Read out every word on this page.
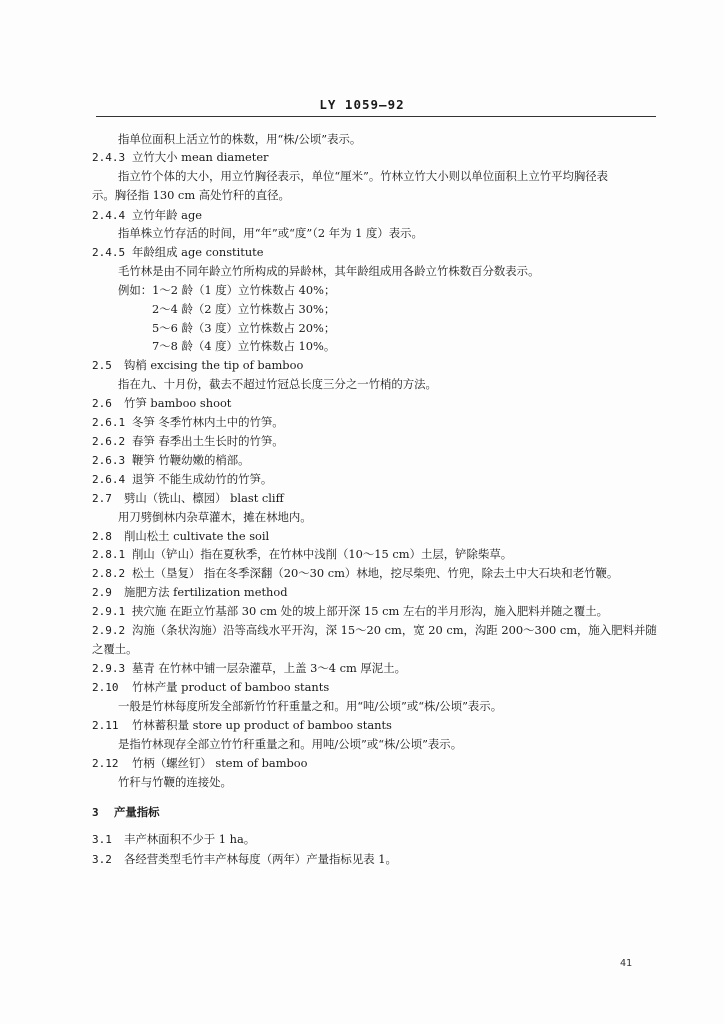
LY 1059—92
指单位面积上活立竹的株数，用“株/公顷”表示。
2.4.3 立竹大小 mean diameter
指立竹个体的大小，用立竹胸径表示，单位“厘米”。竹林立竹大小则以单位面积上立竹平均胸径表
示。胸径指 130 cm 高处竹秆的直径。
2.4.4 立竹年龄 age
指单株立竹存活的时间，用“年”或“度”（2 年为 1 度）表示。
2.4.5 年龄组成 age constitute
毛竹林是由不同年龄立竹所构成的异龄林，其年龄组成用各龄立竹株数百分数表示。
例如：1～2 龄（1 度）立竹株数占 40%；
2～4 龄（2 度）立竹株数占 30%；
5～6 龄（3 度）立竹株数占 20%；
7～8 龄（4 度）立竹株数占 10%。
2.5 钩梢 excising the tip of bamboo
指在九、十月份，截去不超过竹冠总长度三分之一竹梢的方法。
2.6 竹笋 bamboo shoot
2.6.1 冬笋 冬季竹林内土中的竹笋。
2.6.2 春笋 春季出土生长时的竹笋。
2.6.3 鞭笋 竹鞭幼嫩的梢部。
2.6.4 退笋 不能生成幼竹的竹笋。
2.7 劈山（铣山、檩园） blast cliff
用刀劈倒林内杂草灌木，摊在林地内。
2.8 削山松土 cultivate the soil
2.8.1 削山（铲山）指在夏秋季，在竹林中浅削（10～15 cm）土层，铲除柴草。
2.8.2 松土（垦复） 指在冬季深翻（20～30 cm）林地，挖尽柴兜、竹兜，除去土中大石块和老竹鞭。
2.9 施肥方法 fertilization method
2.9.1 挟穴施 在距立竹基部 30 cm 处的坡上部开深 15 cm 左右的半月形沟，施入肥料并随之覆土。
2.9.2 沟施（条状沟施）沿等高线水平开沟，深 15～20 cm，宽 20 cm，沟距 200～300 cm，施入肥料并随
之覆土。
2.9.3 墓青 在竹林中铺一层杂灌草，上盖 3～4 cm 厚泥土。
2.10 竹林产量 product of bamboo stants
一般是竹林每度所发全部新竹竹秆重量之和。用“吨/公顷”或“株/公顷”表示。
2.11 竹林蓄积量 store up product of bamboo stants
是指竹林现存全部立竹竹秆重量之和。用吨/公顷”或“株/公顷”表示。
2.12 竹柄（螺丝钉） stem of bamboo
竹秆与竹鞭的连接处。
3 产量指标
3.1 丰产林面积不少于 1 ha。
3.2 各经营类型毛竹丰产林每度（两年）产量指标见表 1。
41
